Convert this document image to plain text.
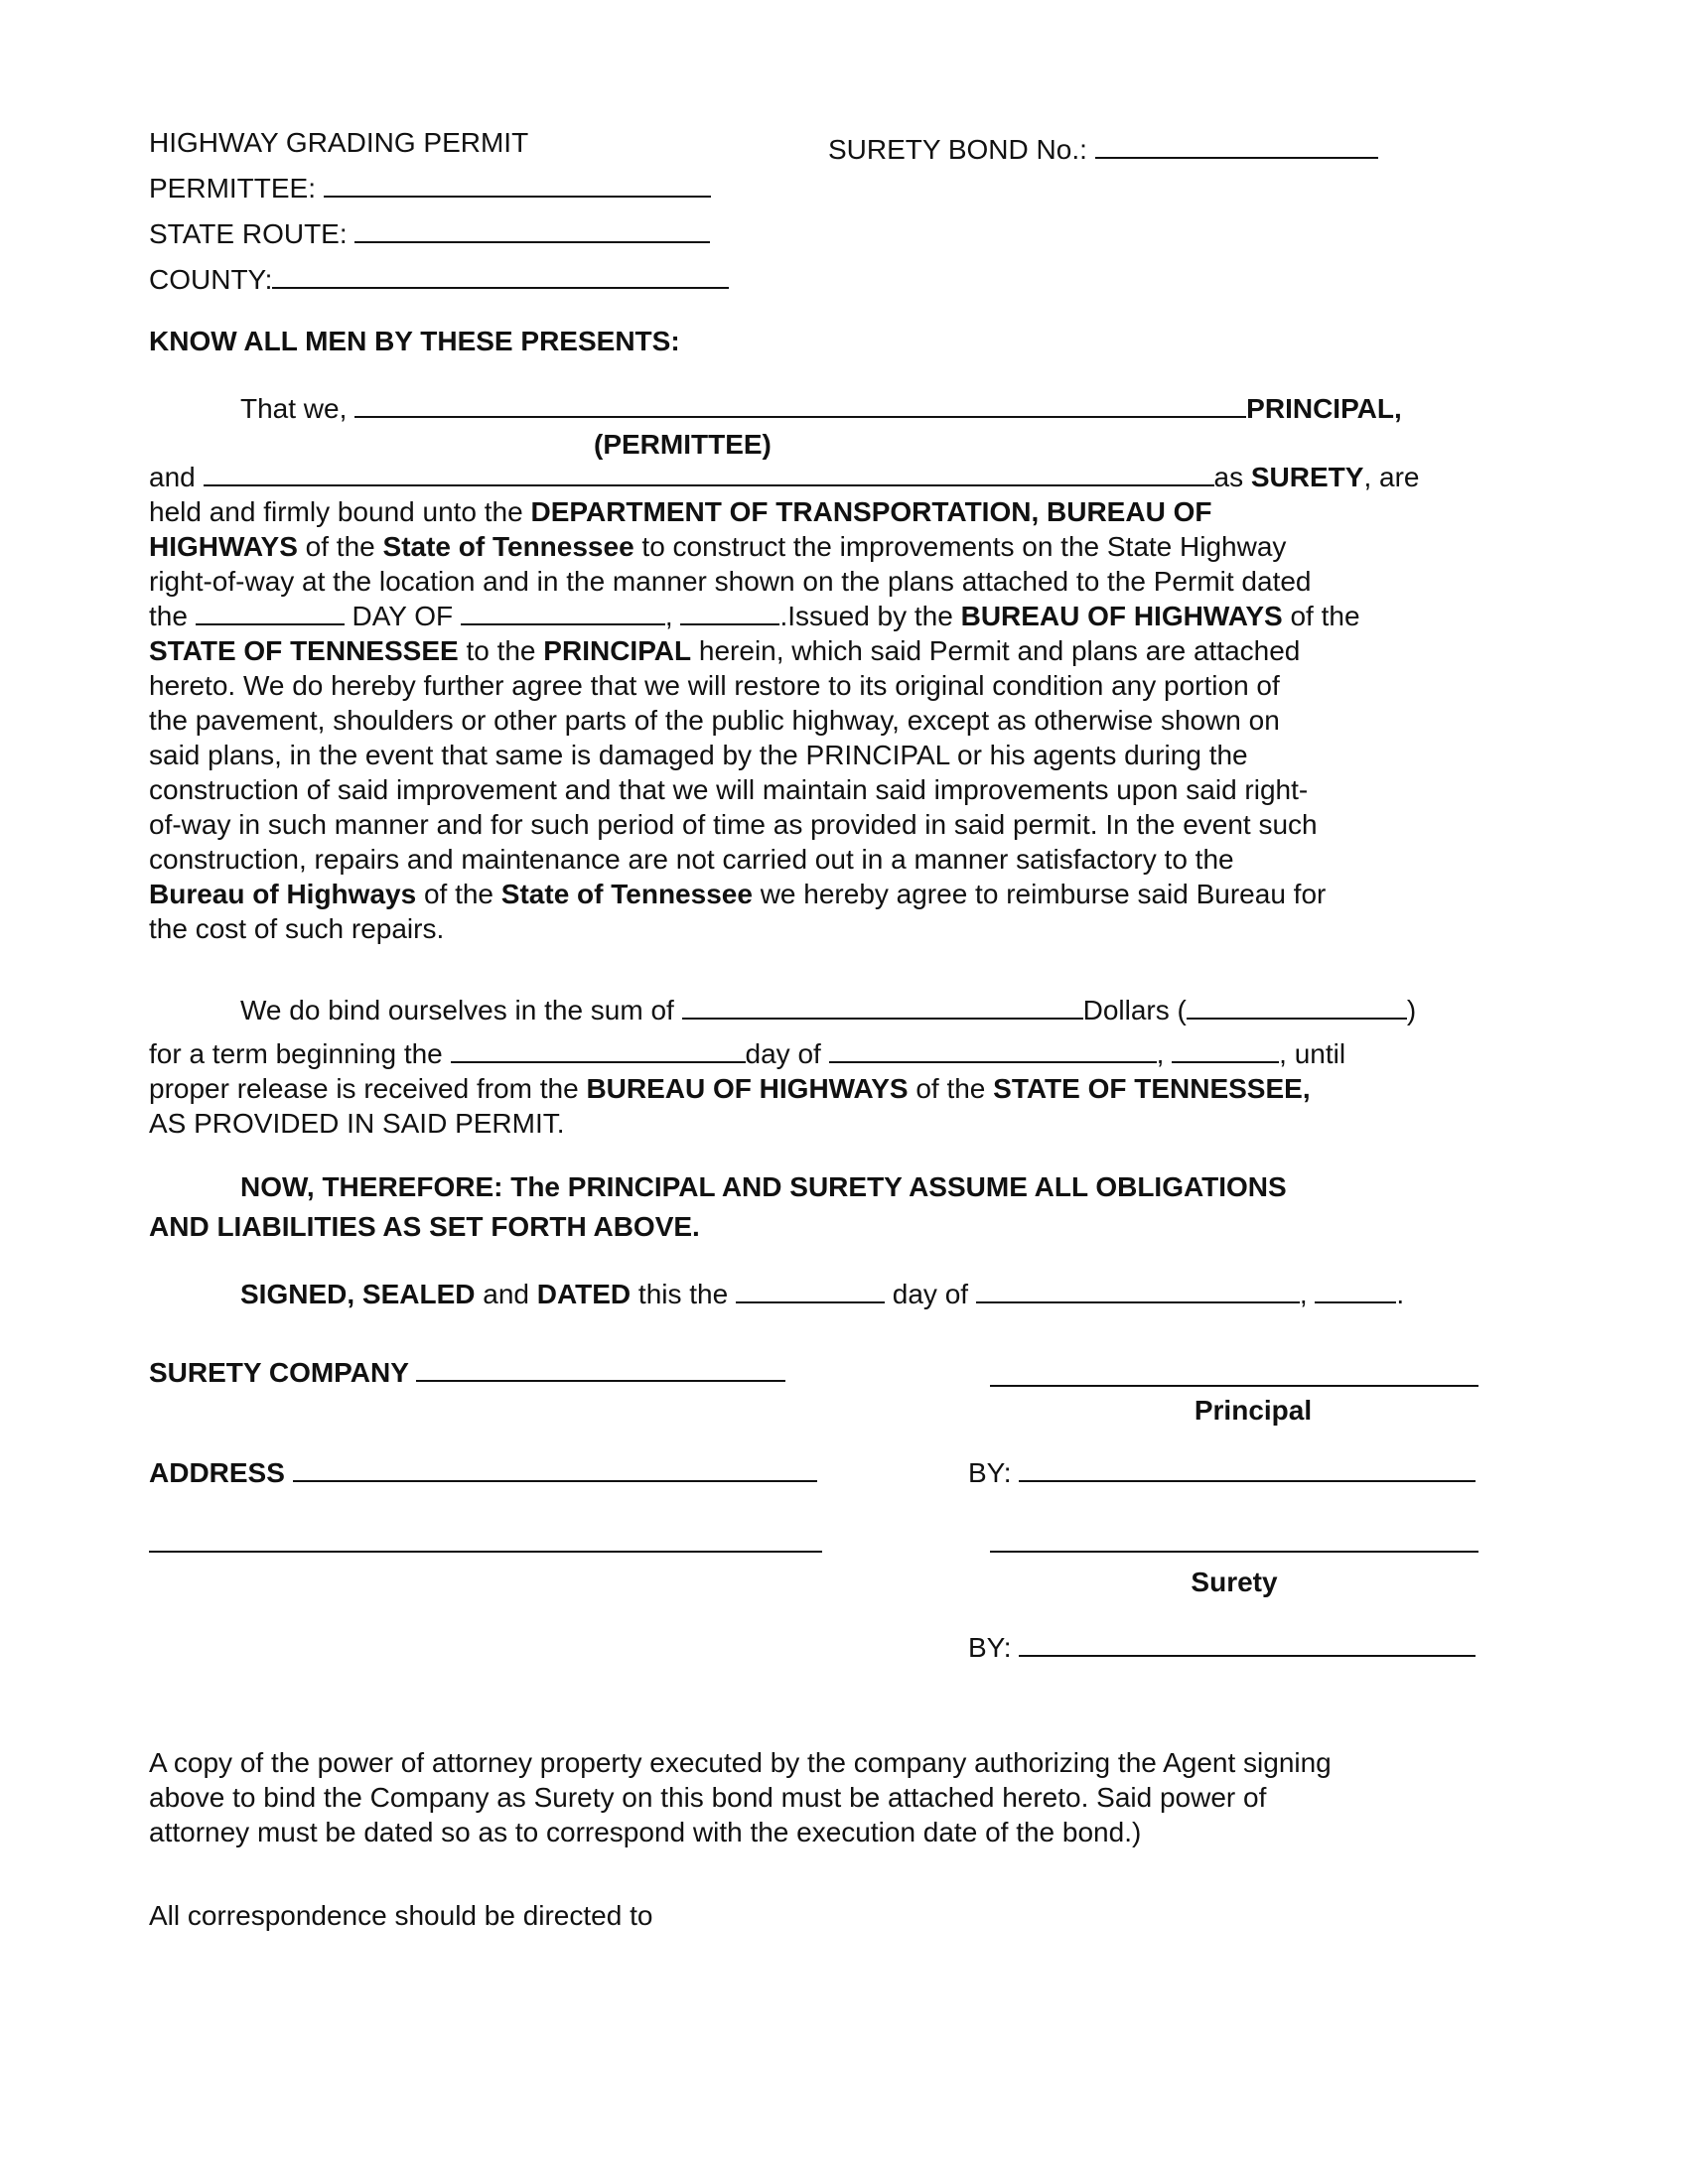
HIGHWAY GRADING PERMIT
PERMITTEE:
STATE ROUTE:
COUNTY:
SURETY BOND No.:
KNOW ALL MEN BY THESE PRESENTS:
That we,	PRINCIPAL,
(PERMITTEE)
and	as SURETY, are
held and firmly bound unto the DEPARTMENT OF TRANSPORTATION, BUREAU OF
HIGHWAYS of the State of Tennessee to construct the improvements on the State Highway
right-of-way at the location and in the manner shown on the plans attached to the Permit dated
the	DAY OF	,	.Issued by the BUREAU OF HIGHWAYS of the
STATE OF TENNESSEE to the PRINCIPAL herein, which said Permit and plans are attached
hereto. We do hereby further agree that we will restore to its original condition any portion of
the pavement, shoulders or other parts of the public highway, except as otherwise shown on
said plans, in the event that same is damaged by the PRINCIPAL or his agents during the
construction of said improvement and that we will maintain said improvements upon said right-
of-way in such manner and for such period of time as provided in said permit. In the event such
construction, repairs and maintenance are not carried out in a manner satisfactory to the
Bureau of Highways of the State of Tennessee we hereby agree to reimburse said Bureau for
the cost of such repairs.
We do bind ourselves in the sum of	Dollars (	)
for a term beginning the	day of	,	, until
proper release is received from the BUREAU OF HIGHWAYS of the STATE OF TENNESSEE,
AS PROVIDED IN SAID PERMIT.
NOW, THEREFORE: The PRINCIPAL AND SURETY ASSUME ALL OBLIGATIONS
AND LIABILITIES AS SET FORTH ABOVE.
SIGNED, SEALED and DATED this the	day of	,	.
SURETY COMPANY
Principal
ADDRESS	BY:
Surety
BY:
A copy of the power of attorney property executed by the company authorizing the Agent signing
above to bind the Company as Surety on this bond must be attached hereto. Said power of
attorney must be dated so as to correspond with the execution date of the bond.)
All correspondence should be directed to
